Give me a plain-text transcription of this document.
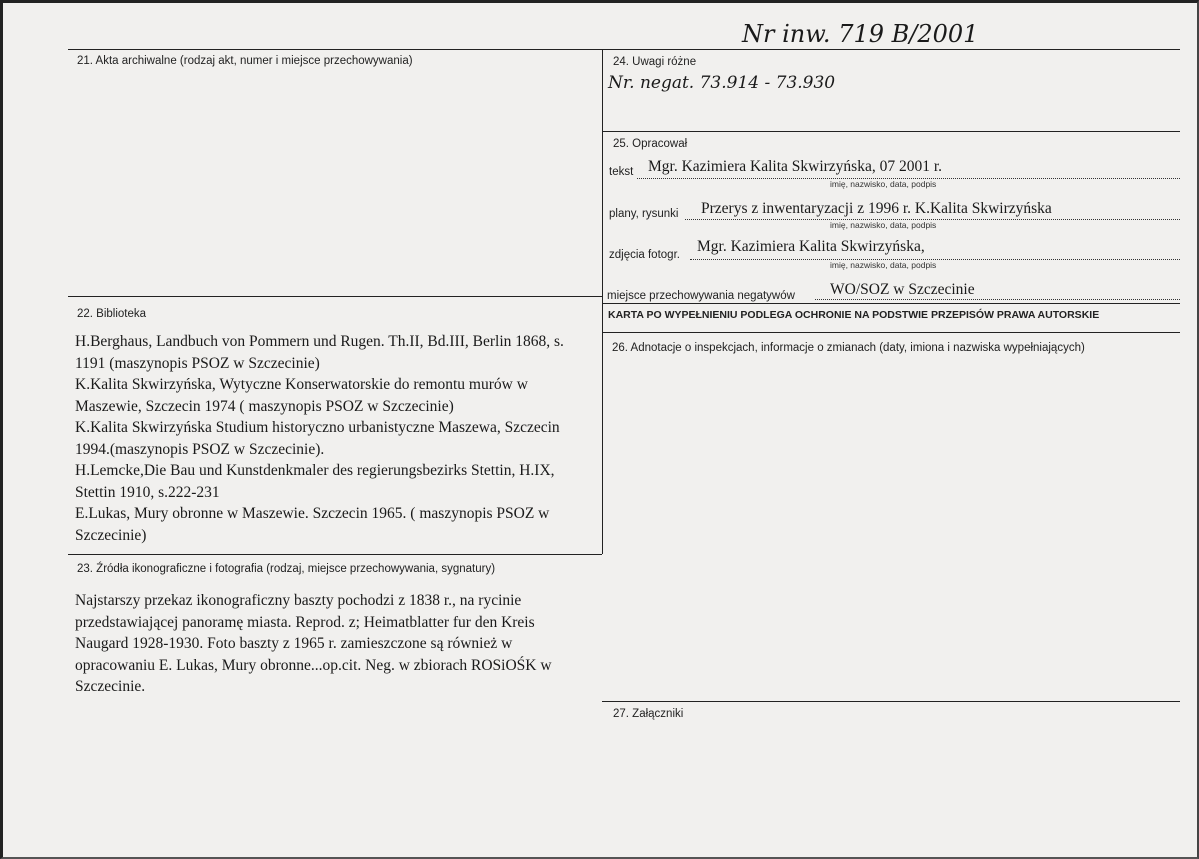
Nr inw. 719 B/2001
21. Akta archiwalne (rodzaj akt, numer i miejsce przechowywania)
22. Biblioteka
H.Berghaus, Landbuch von Pommern und Rugen. Th.II, Bd.III, Berlin 1868, s. 1191 (maszynopis PSOZ w Szczecinie)
K.Kalita Skwirzyńska, Wytyczne Konserwatorskie do remontu murów w Maszewie, Szczecin 1974 ( maszynopis PSOZ w Szczecinie)
K.Kalita Skwirzyńska Studium historyczno urbanistyczne Maszewa, Szczecin 1994.(maszynopis PSOZ w Szczecinie).
H.Lemcke,Die Bau und Kunstdenkmaler des regierungsbezirks Stettin, H.IX, Stettin 1910, s.222-231
E.Lukas, Mury obronne w Maszewie. Szczecin 1965. ( maszynopis PSOZ w Szczecinie)
23. Źródła ikonograficzne i fotografia (rodzaj, miejsce przechowywania, sygnatury)
Najstarszy przekaz ikonograficzny baszty pochodzi z 1838 r., na rycinie przedstawiającej panoramę miasta. Reprod. z; Heimatblatter fur den Kreis Naugard 1928-1930. Foto baszty z 1965 r. zamieszczone są również w opracowaniu E. Lukas, Mury obronne...op.cit. Neg. w zbiorach ROSiOŚK w Szczecinie.
24. Uwagi różne
Nr. negat. 73.914 - 73.930
25. Opracował
tekst Mgr. Kazimiera Kalita Skwirzyńska, 07 2001 r.
imię, nazwisko, data, podpis
plany, rysunki Przerys z inwentaryzacji z 1996 r. K.Kalita Skwirzyńska
imię, nazwisko, data, podpis
zdjęcia fotogr. Mgr. Kazimiera Kalita Skwirzyńska,
imię, nazwisko, data, podpis
miejsce przechowywania negatywów WO/SOZ w Szczecinie
KARTA PO WYPEŁNIENIU PODLEGA OCHRONIE NA PODSTWIE PRZEPISÓW PRAWA AUTORSKIE
26. Adnotacje o inspekcjach, informacje o zmianach (daty, imiona i nazwiska wypełniających)
27. Załączniki
